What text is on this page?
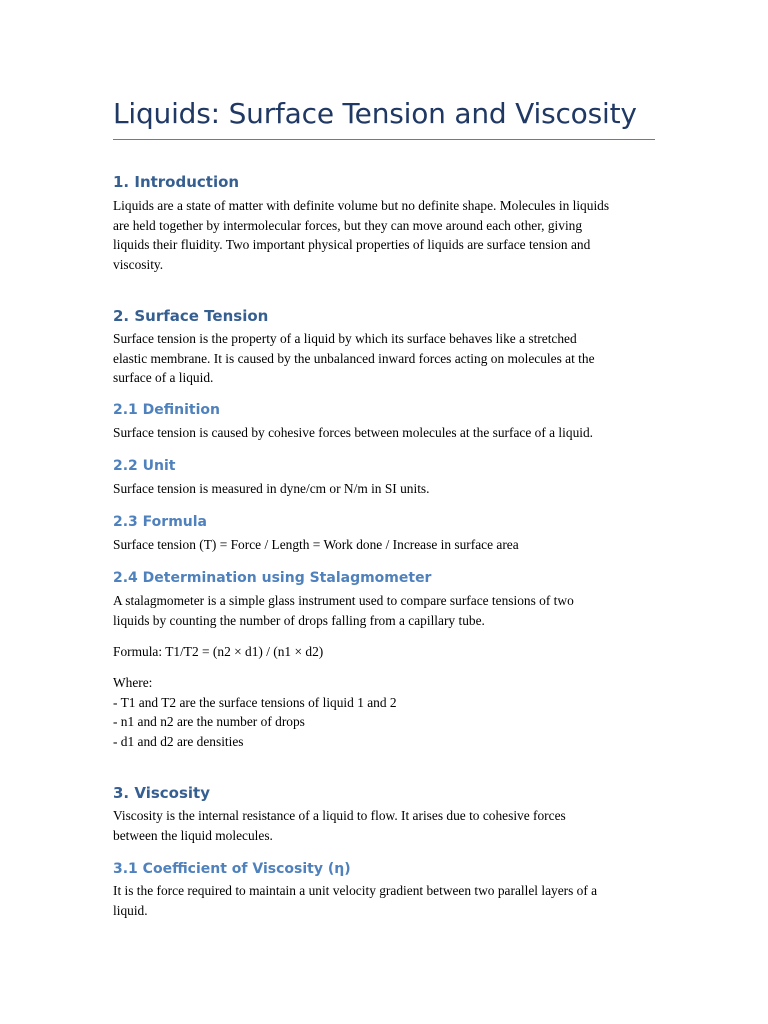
Liquids: Surface Tension and Viscosity
1. Introduction

Liquids are a state of matter with definite volume but no definite shape. Molecules in liquids
are held together by intermolecular forces, but they can move around each other, giving
liquids their fluidity. Two important physical properties of liquids are surface tension and
viscosity.

2. Surface Tension

Surface tension is the property of a liquid by which its surface behaves like a stretched
elastic membrane. It is caused by the unbalanced inward forces acting on molecules at the
surface of a liquid.

2.1 Definition

Surface tension is caused by cohesive forces between molecules at the surface of a liquid.

2.2 Unit

Surface tension is measured in dyne/cm or N/m in SI units.

2.3 Formula

Surface tension (T) = Force / Length = Work done / Increase in surface area

2.4 Determination using Stalagmometer

A stalagmometer is a simple glass instrument used to compare surface tensions of two
liquids by counting the number of drops falling from a capillary tube.

Formula: T1/T2 = (n2 × d1) / (n1 × d2)

Where:
- T1 and T2 are the surface tensions of liquid 1 and 2
- n1 and n2 are the number of drops
- d1 and d2 are densities

3. Viscosity

Viscosity is the internal resistance of a liquid to flow. It arises due to cohesive forces
between the liquid molecules.

3.1 Coefficient of Viscosity (η)

It is the force required to maintain a unit velocity gradient between two parallel layers of a
liquid.
